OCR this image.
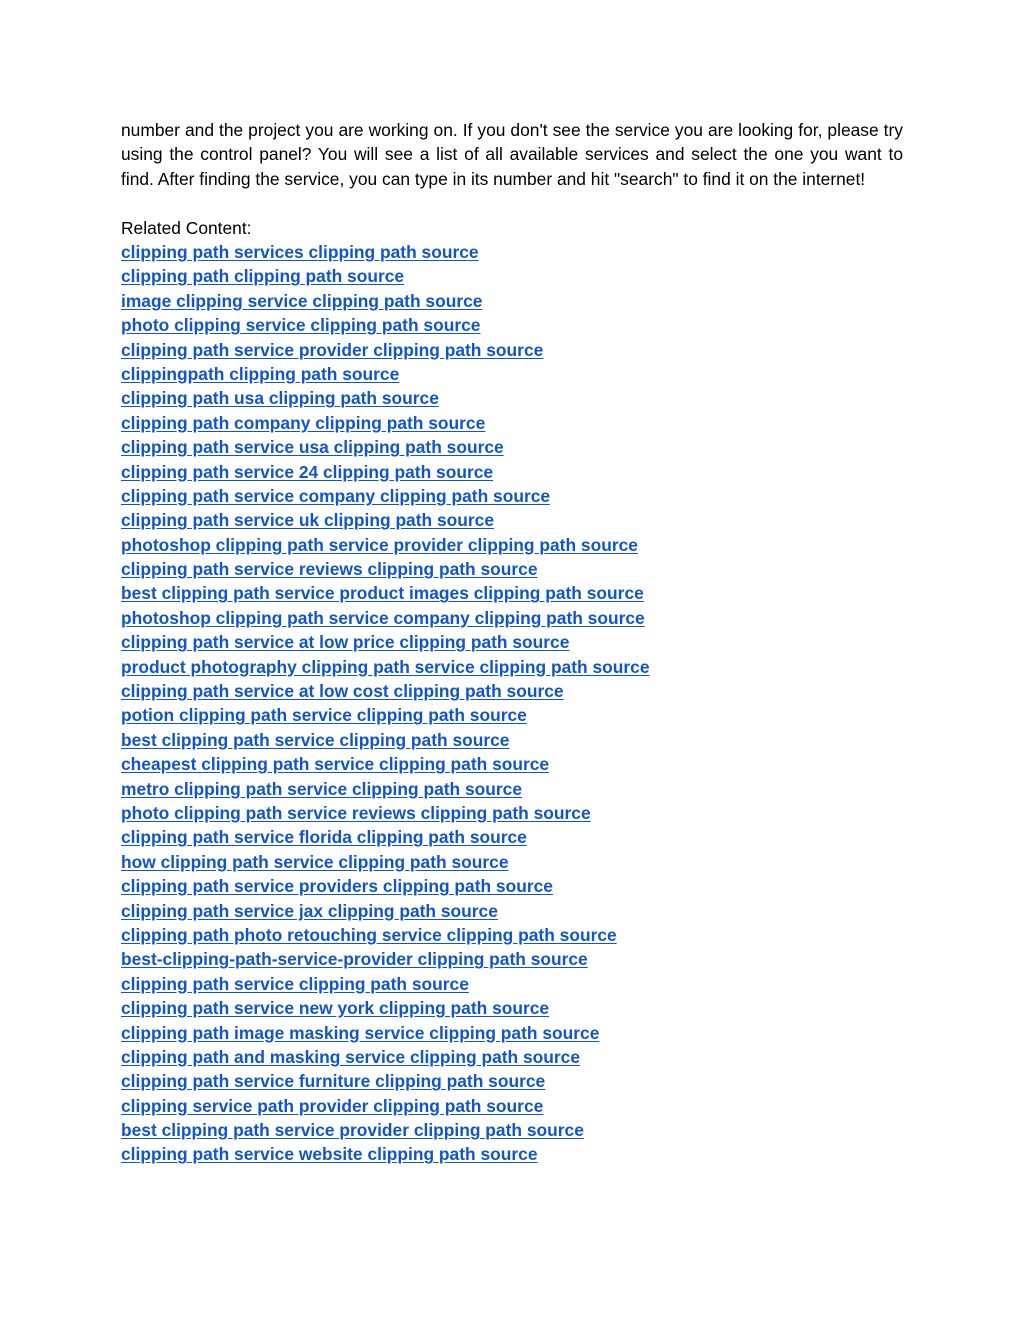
number and the project you are working on. If you don't see the service you are looking for, please try using the control panel? You will see a list of all available services and select the one you want to find. After finding the service, you can type in its number and hit "search" to find it on the internet!

Related Content:

clipping path services clipping path source
clipping path clipping path source
image clipping service clipping path source
photo clipping service clipping path source
clipping path service provider clipping path source
clippingpath clipping path source
clipping path usa clipping path source
clipping path company clipping path source
clipping path service usa clipping path source
clipping path service 24 clipping path source
clipping path service company clipping path source
clipping path service uk clipping path source
photoshop clipping path service provider clipping path source
clipping path service reviews clipping path source
best clipping path service product images clipping path source
photoshop clipping path service company clipping path source
clipping path service at low price clipping path source
product photography clipping path service clipping path source
clipping path service at low cost clipping path source
potion clipping path service clipping path source
best clipping path service clipping path source
cheapest clipping path service clipping path source
metro clipping path service clipping path source
photo clipping path service reviews clipping path source
clipping path service florida clipping path source
how clipping path service clipping path source
clipping path service providers clipping path source
clipping path service jax clipping path source
clipping path photo retouching service clipping path source
best-clipping-path-service-provider clipping path source
clipping path service clipping path source
clipping path service new york clipping path source
clipping path image masking service clipping path source
clipping path and masking service clipping path source
clipping path service furniture clipping path source
clipping service path provider clipping path source
best clipping path service provider clipping path source
clipping path service website clipping path source
